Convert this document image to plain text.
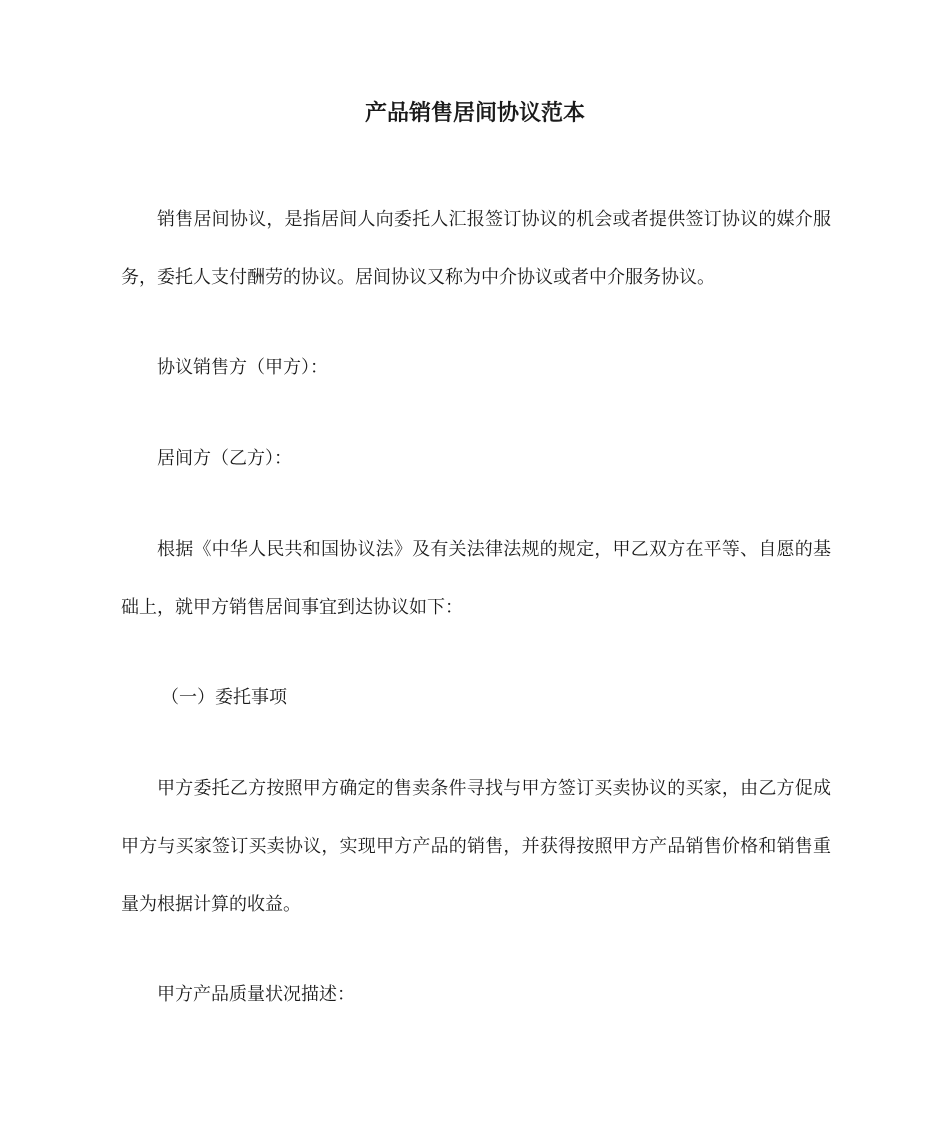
产品销售居间协议范本

销售居间协议，是指居间人向委托人汇报签订协议的机会或者提供签订协议的媒介服务，委托人支付酬劳的协议。居间协议又称为中介协议或者中介服务协议。

协议销售方（甲方）：

居间方（乙方）：

根据《中华人民共和国协议法》及有关法律法规的规定，甲乙双方在平等、自愿的基础上，就甲方销售居间事宜到达协议如下：

（一）委托事项

甲方委托乙方按照甲方确定的售卖条件寻找与甲方签订买卖协议的买家，由乙方促成甲方与买家签订买卖协议，实现甲方产品的销售，并获得按照甲方产品销售价格和销售重量为根据计算的收益。

甲方产品质量状况描述：
